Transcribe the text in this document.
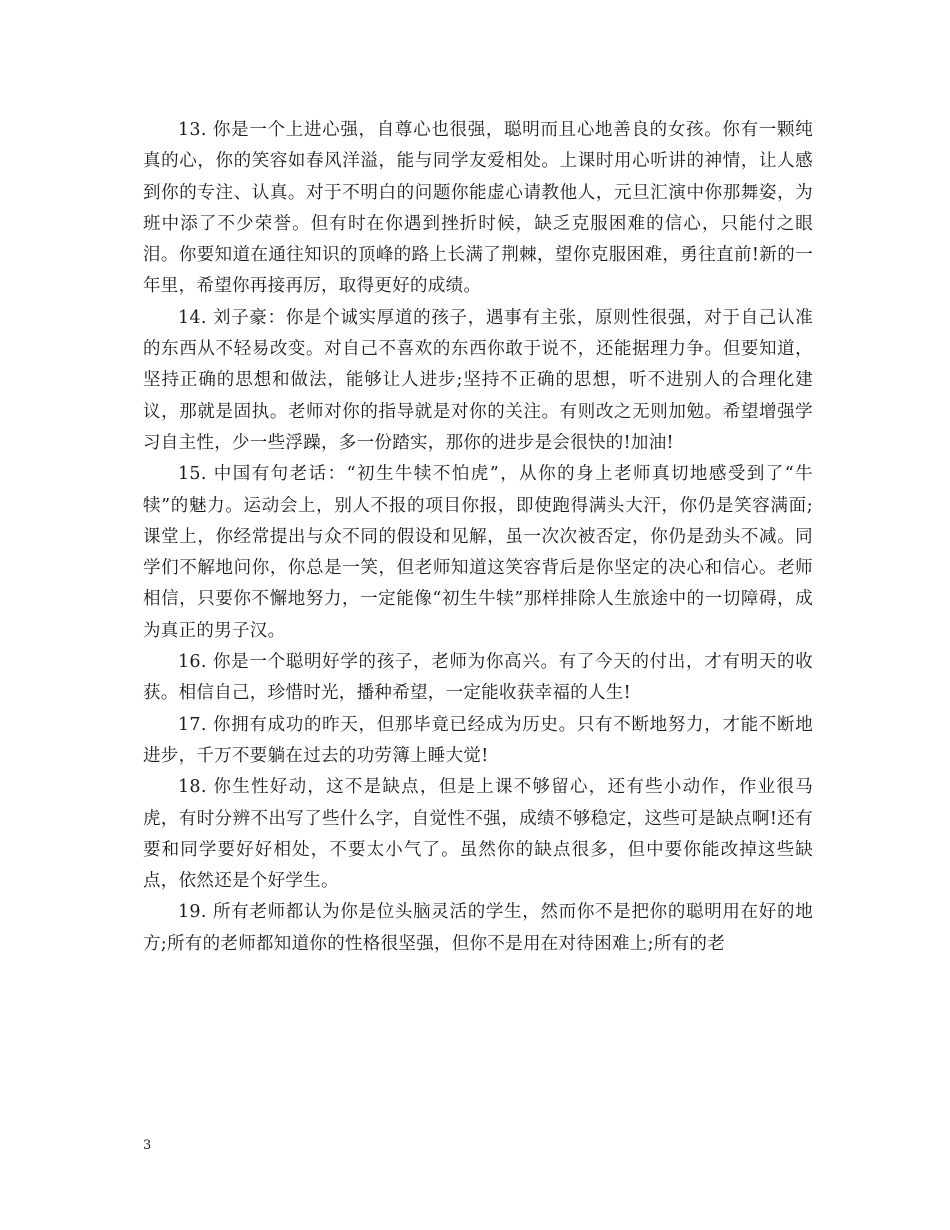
13. 你是一个上进心强，自尊心也很强，聪明而且心地善良的女孩。你有一颗纯真的心，你的笑容如春风洋溢，能与同学友爱相处。上课时用心听讲的神情，让人感到你的专注、认真。对于不明白的问题你能虚心请教他人，元旦汇演中你那舞姿，为班中添了不少荣誉。但有时在你遇到挫折时候，缺乏克服困难的信心，只能付之眼泪。你要知道在通往知识的顶峰的路上长满了荆棘，望你克服困难，勇往直前!新的一年里，希望你再接再厉，取得更好的成绩。

14. 刘子豪：你是个诚实厚道的孩子，遇事有主张，原则性很强，对于自己认准的东西从不轻易改变。对自己不喜欢的东西你敢于说不，还能据理力争。但要知道，坚持正确的思想和做法，能够让人进步;坚持不正确的思想，听不进别人的合理化建议，那就是固执。老师对你的指导就是对你的关注。有则改之无则加勉。希望增强学习自主性，少一些浮躁，多一份踏实，那你的进步是会很快的!加油!

15. 中国有句老话：“初生牛犊不怕虎”，从你的身上老师真切地感受到了“牛犊”的魅力。运动会上，别人不报的项目你报，即使跑得满头大汗，你仍是笑容满面;课堂上，你经常提出与众不同的假设和见解，虽一次次被否定，你仍是劲头不减。同学们不解地问你，你总是一笑，但老师知道这笑容背后是你坚定的决心和信心。老师相信，只要你不懈地努力，一定能像“初生牛犊”那样排除人生旅途中的一切障碍，成为真正的男子汉。

16. 你是一个聪明好学的孩子，老师为你高兴。有了今天的付出，才有明天的收获。相信自己，珍惜时光，播种希望，一定能收获幸福的人生!

17. 你拥有成功的昨天，但那毕竟已经成为历史。只有不断地努力，才能不断地进步，千万不要躺在过去的功劳簿上睡大觉!

18. 你生性好动，这不是缺点，但是上课不够留心，还有些小动作，作业很马虎，有时分辨不出写了些什么字，自觉性不强，成绩不够稳定，这些可是缺点啊!还有要和同学要好好相处，不要太小气了。虽然你的缺点很多，但中要你能改掉这些缺点，依然还是个好学生。

19. 所有老师都认为你是位头脑灵活的学生，然而你不是把你的聪明用在好的地方;所有的老师都知道你的性格很坚强，但你不是用在对待困难上;所有的老

3
